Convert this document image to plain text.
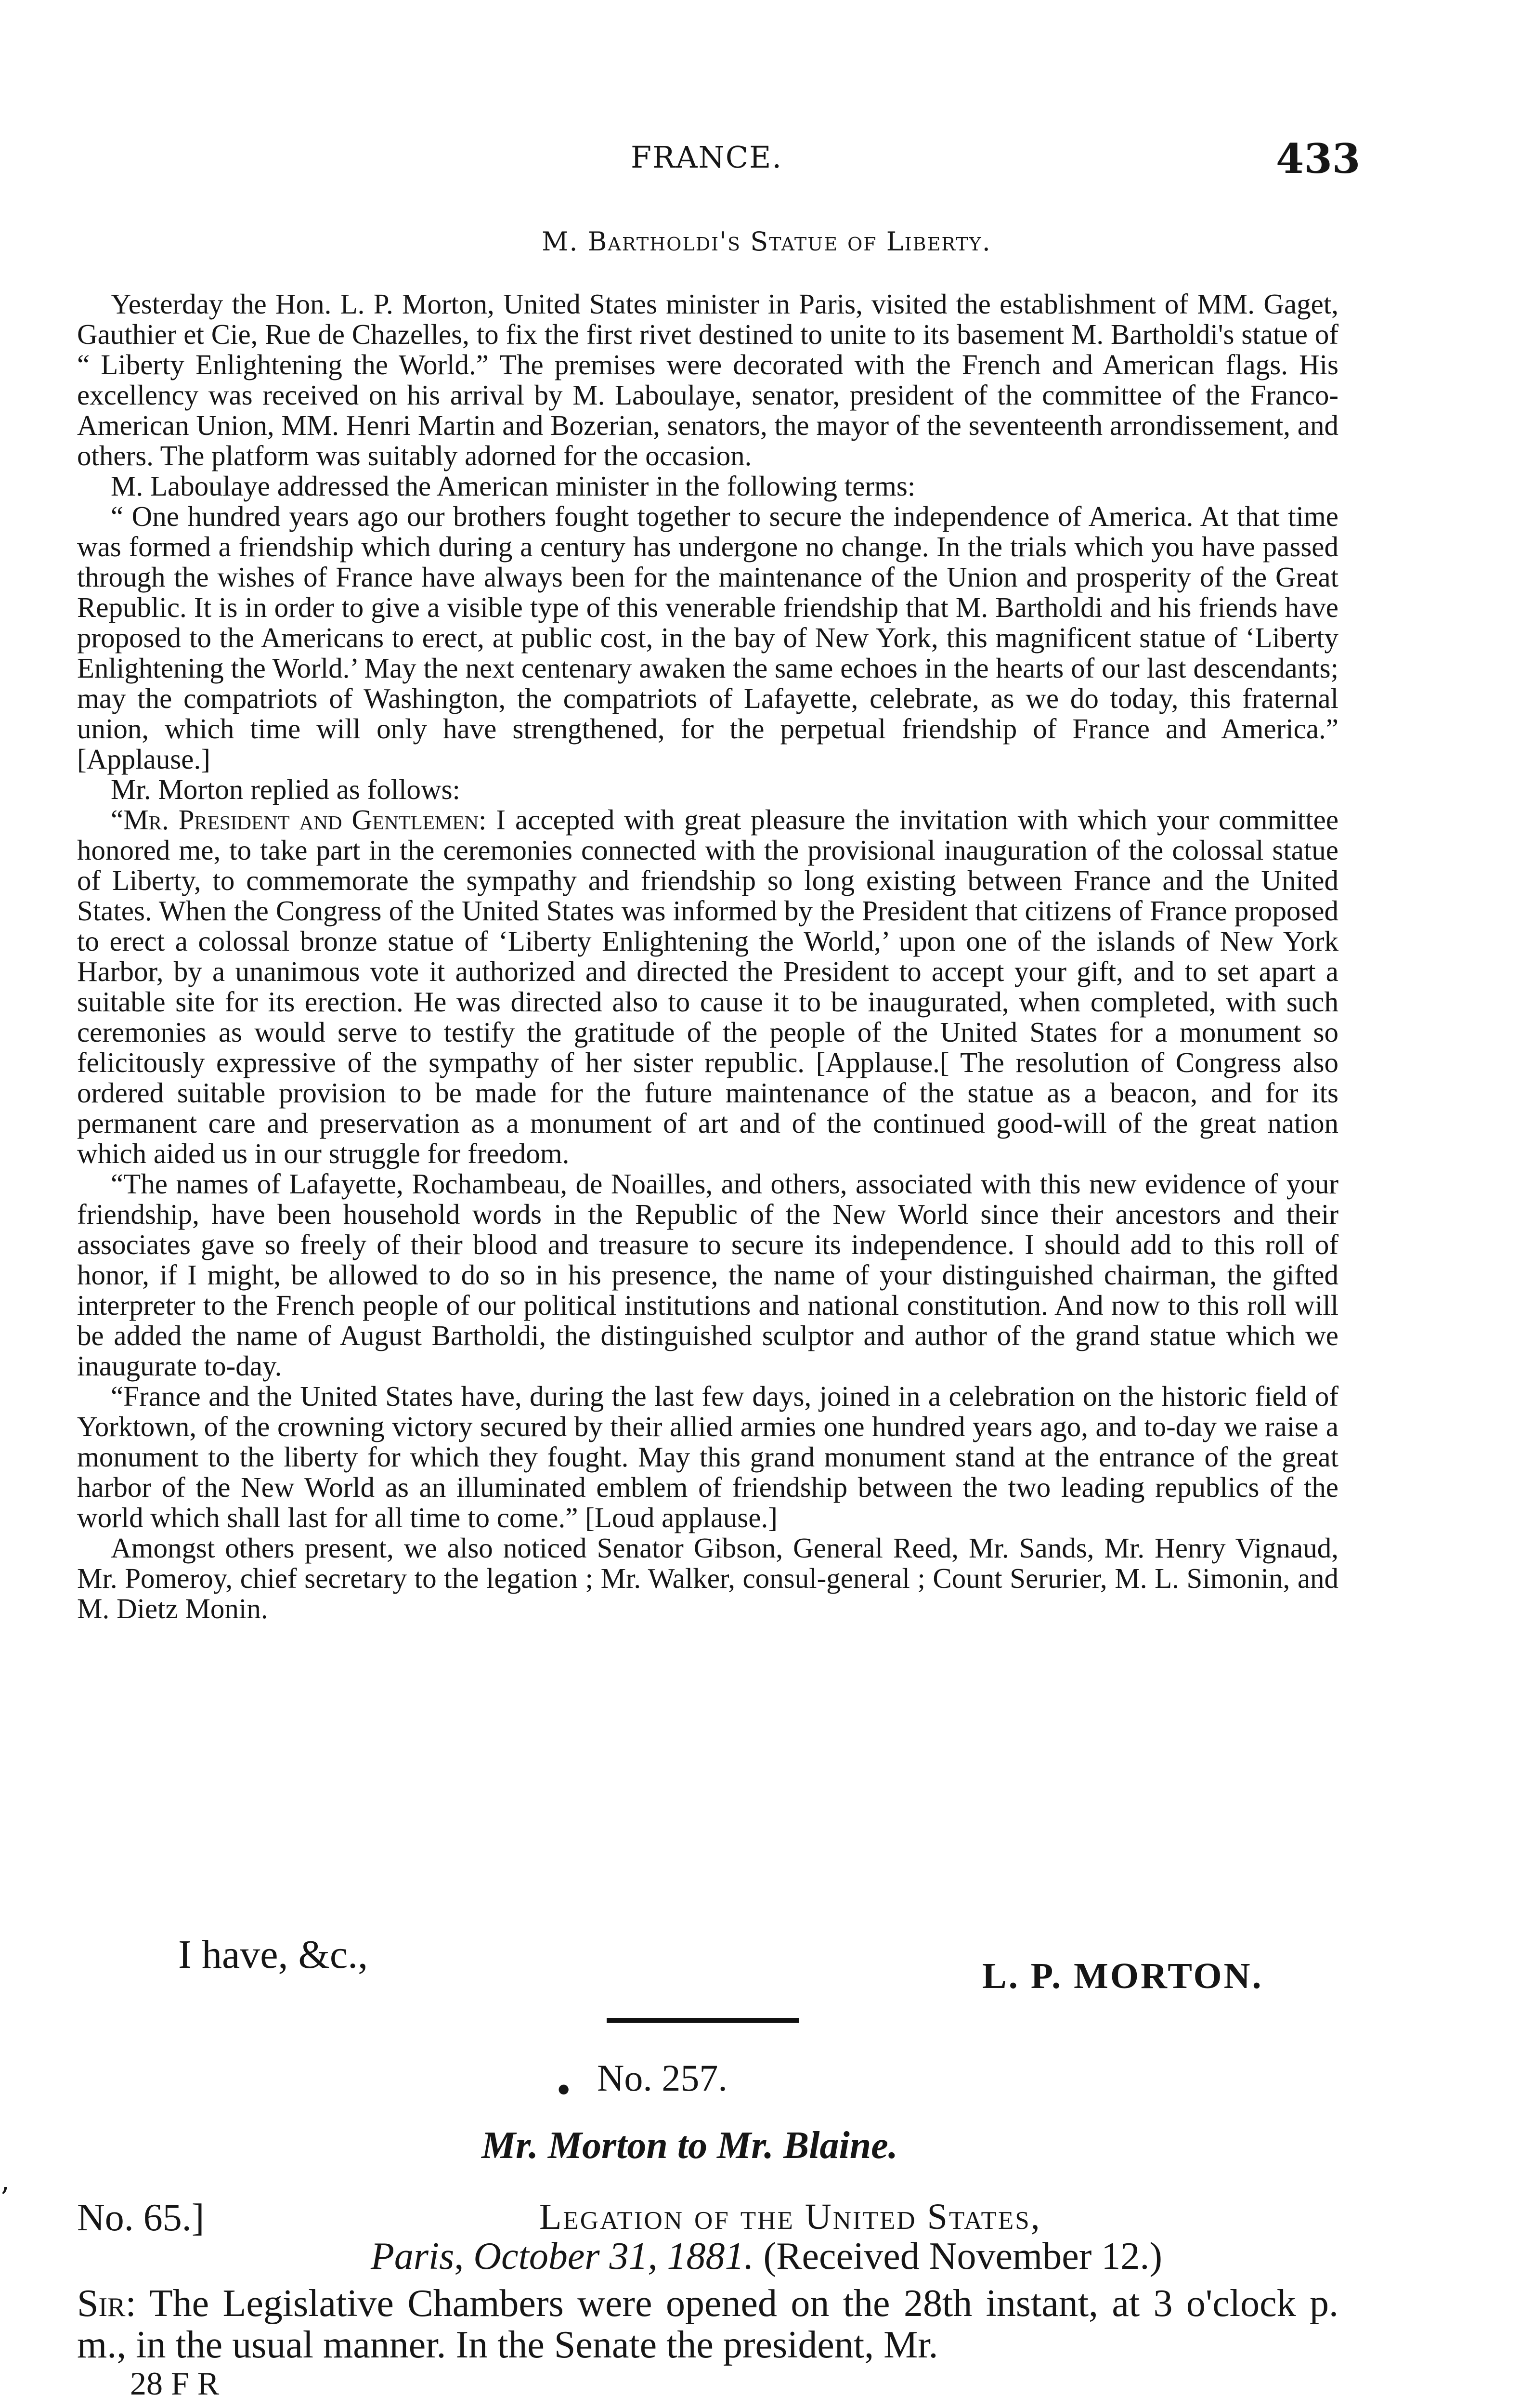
FRANCE.	433
M. Bartholdi's Statue of Liberty.

Yesterday the Hon. L. P. Morton, United States minister in Paris, visited the establishment of MM. Gaget, Gauthier et Cie, Rue de Chazelles, to fix the first rivet destined to unite to its basement M. Bartholdi's statue of “ Liberty Enlightening the World.” The premises were decorated with the French and American flags. His excellency was received on his arrival by M. Laboulaye, senator, president of the committee of the Franco-American Union, MM. Henri Martin and Bozerian, senators, the mayor of the seventeenth arrondissement, and others. The platform was suitably adorned for the occasion.

M. Laboulaye addressed the American minister in the following terms:

“ One hundred years ago our brothers fought together to secure the independence of America. At that time was formed a friendship which during a century has undergone no change. In the trials which you have passed through the wishes of France have always been for the maintenance of the Union and prosperity of the Great Republic. It is in order to give a visible type of this venerable friendship that M. Bartholdi and his friends have proposed to the Americans to erect, at public cost, in the bay of New York, this magnificent statue of ‘Liberty Enlightening the World.’ May the next centenary awaken the same echoes in the hearts of our last descendants; may the compatriots of Washington, the compatriots of Lafayette, celebrate, as we do today, this fraternal union, which time will only have strengthened, for the perpetual friendship of France and America.” [Applause.]

Mr. Morton replied as follows:

“Mr. President and Gentlemen: I accepted with great pleasure the invitation with which your committee honored me, to take part in the ceremonies connected with the provisional inauguration of the colossal statue of Liberty, to commemorate the sympathy and friendship so long existing between France and the United States. When the Congress of the United States was informed by the President that citizens of France proposed to erect a colossal bronze statue of ‘Liberty Enlightening the World,’ upon one of the islands of New York Harbor, by a unanimous vote it authorized and directed the President to accept your gift, and to set apart a suitable site for its erection. He was directed also to cause it to be inaugurated, when completed, with such ceremonies as would serve to testify the gratitude of the people of the United States for a monument so felicitously expressive of the sympathy of her sister republic. [Applause.[ The resolution of Congress also ordered suitable provision to be made for the future maintenance of the statue as a beacon, and for its permanent care and preservation as a monument of art and of the continued good-will of the great nation which aided us in our struggle for freedom.

“The names of Lafayette, Rochambeau, de Noailles, and others, associated with this new evidence of your friendship, have been household words in the Republic of the New World since their ancestors and their associates gave so freely of their blood and treasure to secure its independence. I should add to this roll of honor, if I might, be allowed to do so in his presence, the name of your distinguished chairman, the gifted interpreter to the French people of our political institutions and national constitution. And now to this roll will be added the name of August Bartholdi, the distinguished sculptor and author of the grand statue which we inaugurate to-day.

“France and the United States have, during the last few days, joined in a celebration on the historic field of Yorktown, of the crowning victory secured by their allied armies one hundred years ago, and to-day we raise a monument to the liberty for which they fought. May this grand monument stand at the entrance of the great harbor of the New World as an illuminated emblem of friendship between the two leading republics of the world which shall last for all time to come.” [Loud applause.]

Amongst others present, we also noticed Senator Gibson, General Reed, Mr. Sands, Mr. Henry Vignaud, Mr. Pomeroy, chief secretary to the legation ; Mr. Walker, consul-general ; Count Serurier, M. L. Simonin, and M. Dietz Monin.

I have, &c.,	L. P. MORTON.
• No. 257.
Mr. Morton to Mr. Blaine.
’ No. 65.]	Legation of the United States,
Paris, October 31, 1881. (Received November 12.)
Sir: The Legislative Chambers were opened on the 28th instant, at 3 o'clock p. m., in the usual manner. In the Senate the president, Mr.
28 F R
